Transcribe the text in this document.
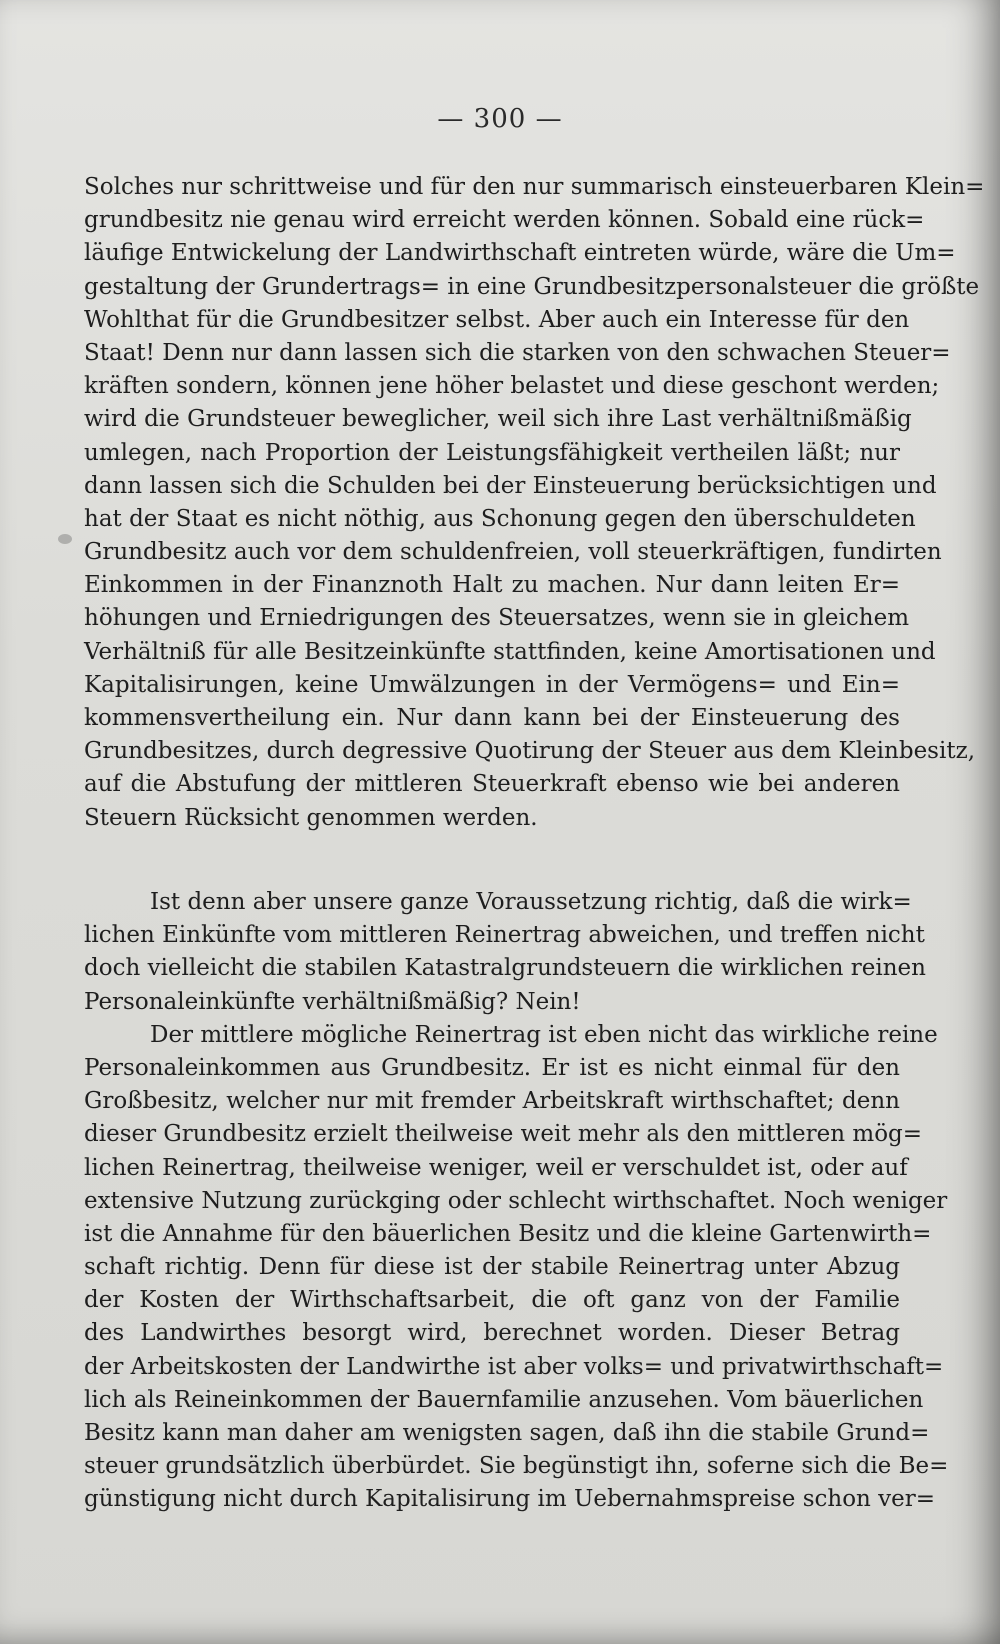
— 300 —
Solches nur schrittweise und für den nur summarisch einsteuerbaren Klein=
grundbesitz nie genau wird erreicht werden können. Sobald eine rück=
läufige Entwickelung der Landwirthschaft eintreten würde, wäre die Um=
gestaltung der Grundertrags= in eine Grundbesitzpersonalsteuer die größte
Wohlthat für die Grundbesitzer selbst. Aber auch ein Interesse für den
Staat! Denn nur dann lassen sich die starken von den schwachen Steuer=
kräften sondern, können jene höher belastet und diese geschont werden;
wird die Grundsteuer beweglicher, weil sich ihre Last verhältnißmäßig
umlegen, nach Proportion der Leistungsfähigkeit vertheilen läßt; nur
dann lassen sich die Schulden bei der Einsteuerung berücksichtigen und
hat der Staat es nicht nöthig, aus Schonung gegen den überschuldeten
Grundbesitz auch vor dem schuldenfreien, voll steuerkräftigen, fundirten
Einkommen in der Finanznoth Halt zu machen. Nur dann leiten Er=
höhungen und Erniedrigungen des Steuersatzes, wenn sie in gleichem
Verhältniß für alle Besitzeinkünfte stattfinden, keine Amortisationen und
Kapitalisirungen, keine Umwälzungen in der Vermögens= und Ein=
kommensvertheilung ein. Nur dann kann bei der Einsteuerung des
Grundbesitzes, durch degressive Quotirung der Steuer aus dem Kleinbesitz,
auf die Abstufung der mittleren Steuerkraft ebenso wie bei anderen
Steuern Rücksicht genommen werden.
Ist denn aber unsere ganze Voraussetzung richtig, daß die wirk=
lichen Einkünfte vom mittleren Reinertrag abweichen, und treffen nicht
doch vielleicht die stabilen Katastralgrundsteuern die wirklichen reinen
Personaleinkünfte verhältnißmäßig? Nein!
Der mittlere mögliche Reinertrag ist eben nicht das wirkliche reine
Personaleinkommen aus Grundbesitz. Er ist es nicht einmal für den
Großbesitz, welcher nur mit fremder Arbeitskraft wirthschaftet; denn
dieser Grundbesitz erzielt theilweise weit mehr als den mittleren mög=
lichen Reinertrag, theilweise weniger, weil er verschuldet ist, oder auf
extensive Nutzung zurückging oder schlecht wirthschaftet. Noch weniger
ist die Annahme für den bäuerlichen Besitz und die kleine Gartenwirth=
schaft richtig. Denn für diese ist der stabile Reinertrag unter Abzug
der Kosten der Wirthschaftsarbeit, die oft ganz von der Familie
des Landwirthes besorgt wird, berechnet worden. Dieser Betrag
der Arbeitskosten der Landwirthe ist aber volks= und privatwirthschaft=
lich als Reineinkommen der Bauernfamilie anzusehen. Vom bäuerlichen
Besitz kann man daher am wenigsten sagen, daß ihn die stabile Grund=
steuer grundsätzlich überbürdet. Sie begünstigt ihn, soferne sich die Be=
günstigung nicht durch Kapitalisirung im Uebernahmspreise schon ver=
